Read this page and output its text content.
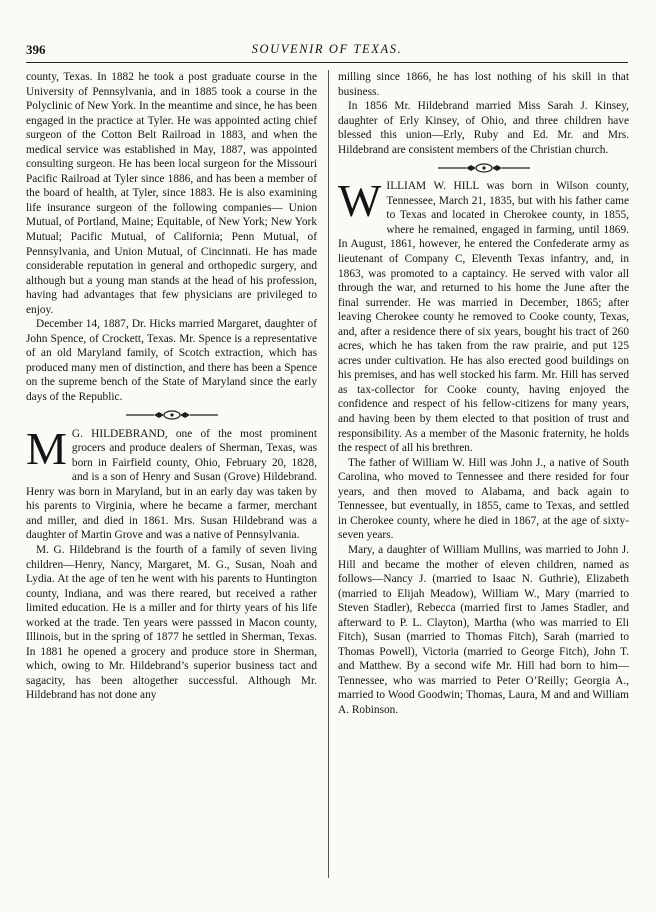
396	SOUVENIR OF TEXAS.

county, Texas. In 1882 he took a post graduate course in the University of Pennsylvania, and in 1885 took a course in the Polyclinic of New York. In the meantime and since, he has been engaged in the practice at Tyler. He was appointed acting chief surgeon of the Cotton Belt Railroad in 1883, and when the medical service was established in May, 1887, was appointed consulting surgeon. He has been local surgeon for the Missouri Pacific Railroad at Tyler since 1886, and has been a member of the board of health, at Tyler, since 1883. He is also examining life insurance surgeon of the following companies— Union Mutual, of Portland, Maine; Equitable, of New York; New York Mutual; Pacific Mutual, of California; Penn Mutual, of Pennsylvania, and Union Mutual, of Cincinnati. He has made considerable reputation in general and orthopedic surgery, and although but a young man stands at the head of his profession, having had advantages that few physicians are privileged to enjoy.

December 14, 1887, Dr. Hicks married Margaret, daughter of John Spence, of Crockett, Texas. Mr. Spence is a representative of an old Maryland family, of Scotch extraction, which has produced many men of distinction, and there has been a Spence on the supreme bench of the State of Maryland since the early days of the Republic.

M G. HILDEBRAND, one of the most prominent grocers and produce dealers of Sherman, Texas, was born in Fairfield county, Ohio, February 20, 1828, and is a son of Henry and Susan (Grove) Hildebrand. Henry was born in Maryland, but in an early day was taken by his parents to Virginia, where he became a farmer, merchant and miller, and died in 1861. Mrs. Susan Hildebrand was a daughter of Martin Grove and was a native of Pennsylvania.

M. G. Hildebrand is the fourth of a family of seven living children—Henry, Nancy, Margaret, M. G., Susan, Noah and Lydia. At the age of ten he went with his parents to Huntington county, Indiana, and was there reared, but received a rather limited education. He is a miller and for thirty years of his life worked at the trade. Ten years were passsed in Macon county, Illinois, but in the spring of 1877 he settled in Sherman, Texas. In 1881 he opened a grocery and produce store in Sherman, which, owing to Mr. Hildebrand’s superior business tact and sagacity, has been altogether successful. Although Mr. Hildebrand has not done any

milling since 1866, he has lost nothing of his skill in that business.

In 1856 Mr. Hildebrand married Miss Sarah J. Kinsey, daughter of Erly Kinsey, of Ohio, and three children have blessed this union—Erly, Ruby and Ed. Mr. and Mrs. Hildebrand are consistent members of the Christian church.

WILLIAM W. HILL was born in Wilson county, Tennessee, March 21, 1835, but with his father came to Texas and located in Cherokee county, in 1855, where he remained, engaged in farming, until 1869. In August, 1861, however, he entered the Confederate army as lieutenant of Company C, Eleventh Texas infantry, and, in 1863, was promoted to a captaincy. He served with valor all through the war, and returned to his home the June after the final surrender. He was married in December, 1865; after leaving Cherokee county he removed to Cooke county, Texas, and, after a residence there of six years, bought his tract of 260 acres, which he has taken from the raw prairie, and put 125 acres under cultivation. He has also erected good buildings on his premises, and has well stocked his farm. Mr. Hill has served as tax-collector for Cooke county, having enjoyed the confidence and respect of his fellow-citizens for many years, and having been by them elected to that position of trust and responsibility. As a member of the Masonic fraternity, he holds the respect of all his brethren.

The father of William W. Hill was John J., a native of South Carolina, who moved to Tennessee and there resided for four years, and then moved to Alabama, and back again to Tennessee, but eventually, in 1855, came to Texas, and settled in Cherokee county, where he died in 1867, at the age of sixty-seven years.

Mary, a daughter of William Mullins, was married to John J. Hill and became the mother of eleven children, named as follows—Nancy J. (married to Isaac N. Guthrie), Elizabeth (married to Elijah Meadow), William W., Mary (married to Steven Stadler), Rebecca (married first to James Stadler, and afterward to P. L. Clayton), Martha (who was married to Eli Fitch), Susan (married to Thomas Fitch), Sarah (married to Thomas Powell), Victoria (married to George Fitch), John T. and Matthew. By a second wife Mr. Hill had born to him—Tennessee, who was married to Peter O’Reilly; Georgia A., married to Wood Goodwin; Thomas, Laura, M and and William A. Robinson.
